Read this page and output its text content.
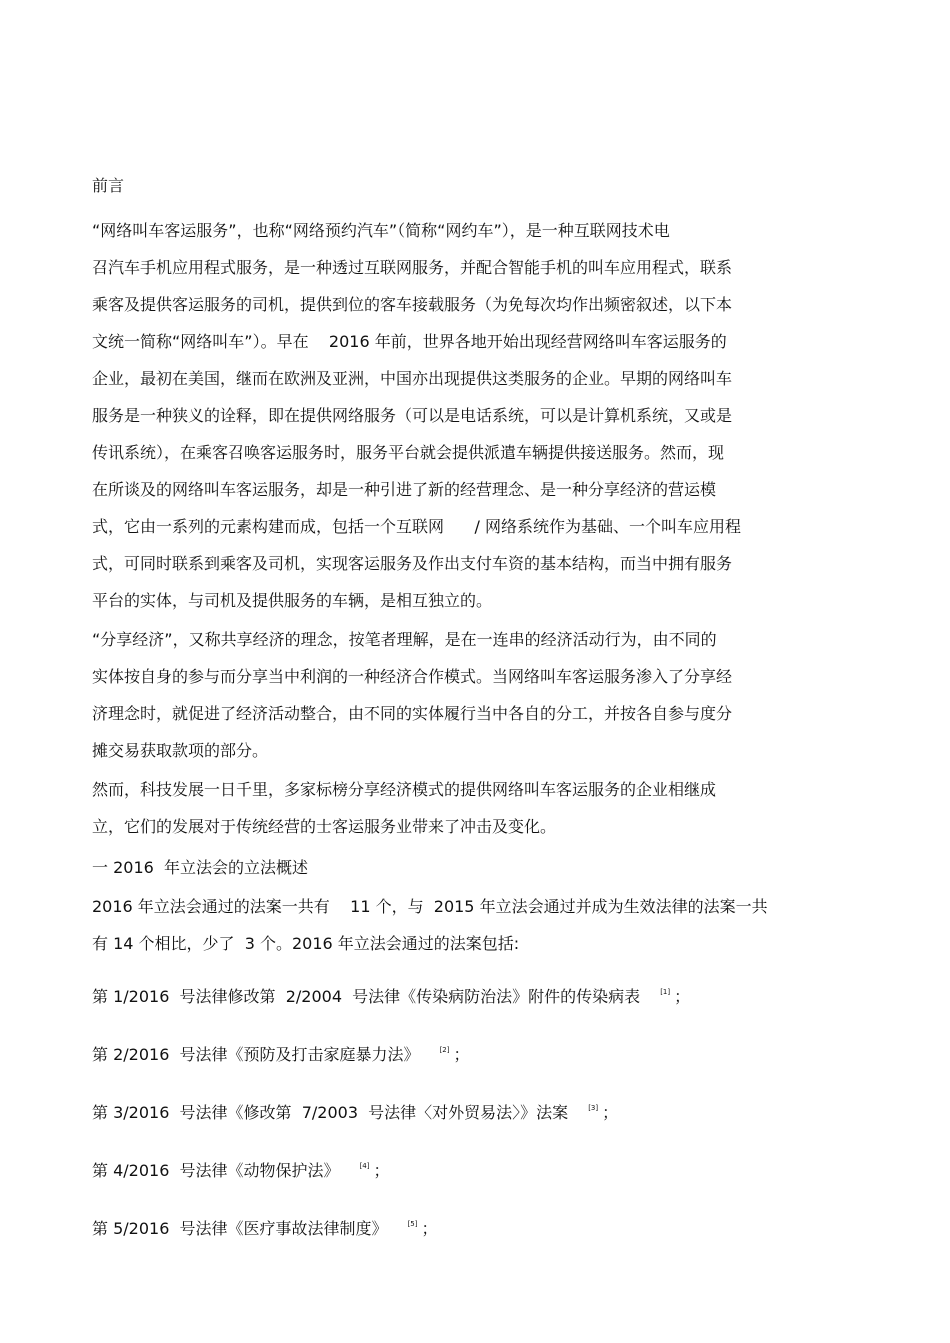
前言

“网络叫车客运服务”，也称“网络预约汽车”（简称“网约车”），是一种互联网技术电
召汽车手机应用程式服务，是一种透过互联网服务，并配合智能手机的叫车应用程式，联系
乘客及提供客运服务的司机，提供到位的客车接载服务（为免每次均作出频密叙述，以下本
文统一简称“网络叫车”）。早在    2016 年前，世界各地开始出现经营网络叫车客运服务的
企业，最初在美国，继而在欧洲及亚洲，中国亦出现提供这类服务的企业。早期的网络叫车
服务是一种狭义的诠释，即在提供网络服务（可以是电话系统，可以是计算机系统，又或是
传讯系统），在乘客召唤客运服务时，服务平台就会提供派遣车辆提供接送服务。然而，现
在所谈及的网络叫车客运服务，却是一种引进了新的经营理念、是一种分享经济的营运模
式，它由一系列的元素构建而成，包括一个互联网      / 网络系统作为基础、一个叫车应用程
式，可同时联系到乘客及司机，实现客运服务及作出支付车资的基本结构，而当中拥有服务
平台的实体，与司机及提供服务的车辆，是相互独立的。

“分享经济”，又称共享经济的理念，按笔者理解，是在一连串的经济活动行为，由不同的
实体按自身的参与而分享当中利润的一种经济合作模式。当网络叫车客运服务渗入了分享经
济理念时，就促进了经济活动整合，由不同的实体履行当中各自的分工，并按各自参与度分
摊交易获取款项的部分。

然而，科技发展一日千里，多家标榜分享经济模式的提供网络叫车客运服务的企业相继成
立，它们的发展对于传统经营的士客运服务业带来了冲击及变化。

一 2016  年立法会的立法概述

2016 年立法会通过的法案一共有    11 个，与  2015 年立法会通过并成为生效法律的法案一共
有 14 个相比，少了  3 个。2016 年立法会通过的法案包括:

第 1/2016  号法律修改第  2/2004  号法律《传染病防治法》附件的传染病表	[1] ；
第 2/2016  号法律《预防及打击家庭暴力法》	[2] ；
第 3/2016  号法律《修改第  7/2003  号法律〈对外贸易法〉》法案	[3] ；
第 4/2016  号法律《动物保护法》	[4] ；
第 5/2016  号法律《医疗事故法律制度》	[5] ；
